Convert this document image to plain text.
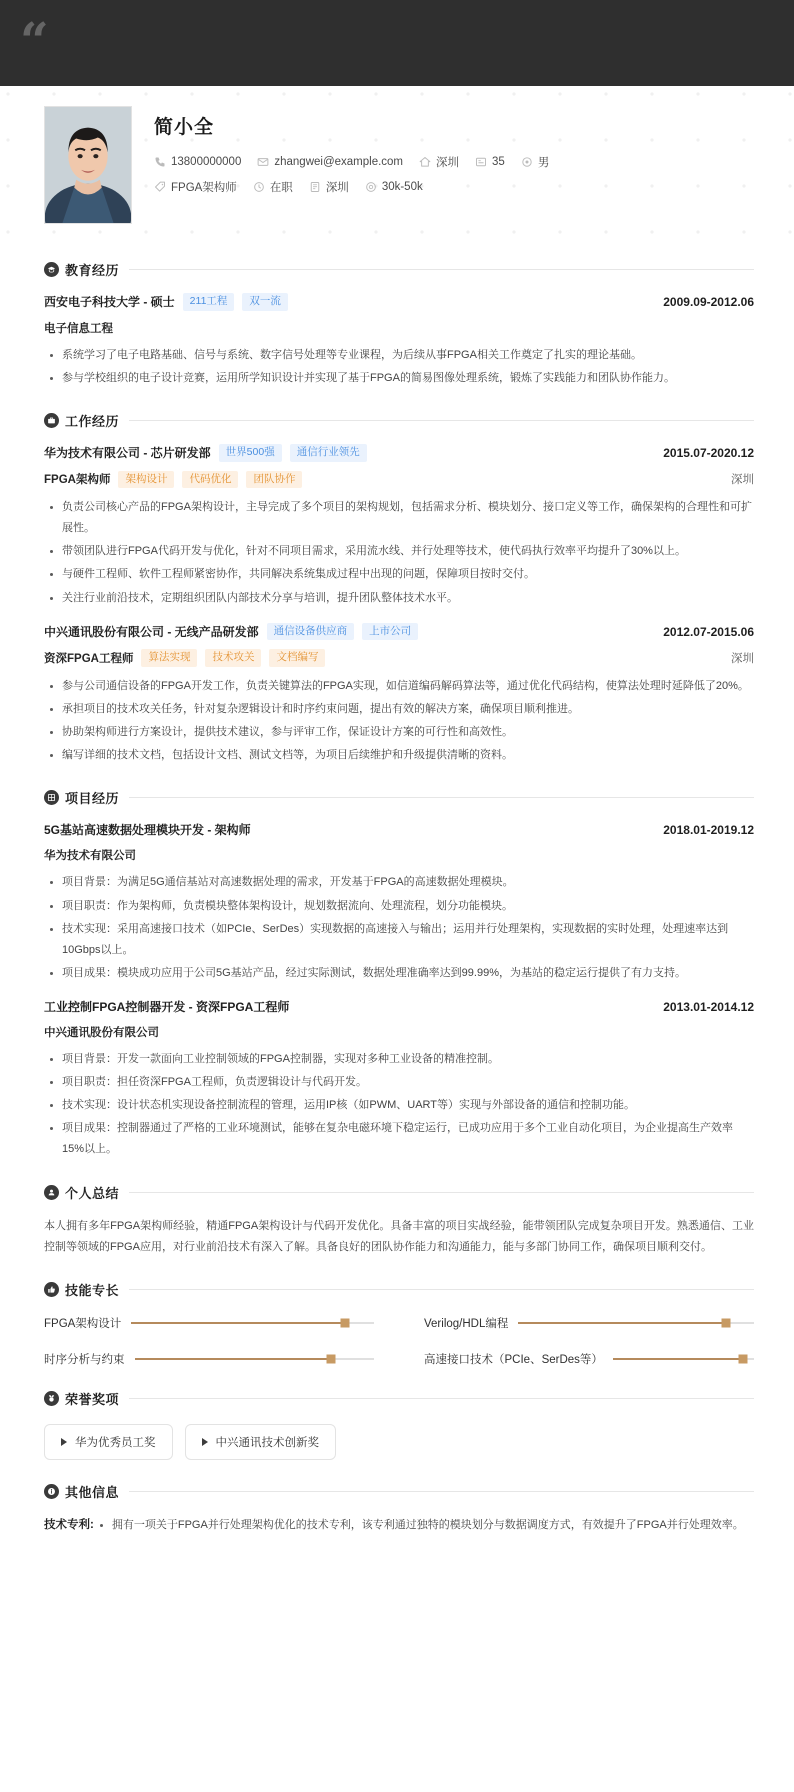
“
简小全
13800000000	zhangwei@example.com	深圳	35	男
FPGA架构师	在职	深圳	30k-50k
教育经历
西安电子科技大学 - 硕士	211工程	双一流	2009.09-2012.06
电子信息工程
系统学习了电子电路基础、信号与系统、数字信号处理等专业课程，为后续从事FPGA相关工作奠定了扎实的理论基础。
参与学校组织的电子设计竞赛，运用所学知识设计并实现了基于FPGA的简易图像处理系统，锻炼了实践能力和团队协作能力。
工作经历
华为技术有限公司 - 芯片研发部	世界500强	通信行业领先	2015.07-2020.12
FPGA架构师	架构设计	代码优化	团队协作	深圳
负责公司核心产品的FPGA架构设计，主导完成了多个项目的架构规划，包括需求分析、模块划分、接口定义等工作，确保架构的合理性和可扩展性。
带领团队进行FPGA代码开发与优化，针对不同项目需求，采用流水线、并行处理等技术，使代码执行效率平均提升了30%以上。
与硬件工程师、软件工程师紧密协作，共同解决系统集成过程中出现的问题，保障项目按时交付。
关注行业前沿技术，定期组织团队内部技术分享与培训，提升团队整体技术水平。
中兴通讯股份有限公司 - 无线产品研发部	通信设备供应商	上市公司	2012.07-2015.06
资深FPGA工程师	算法实现	技术攻关	文档编写	深圳
参与公司通信设备的FPGA开发工作，负责关键算法的FPGA实现，如信道编码解码算法等，通过优化代码结构，使算法处理时延降低了20%。
承担项目的技术攻关任务，针对复杂逻辑设计和时序约束问题，提出有效的解决方案，确保项目顺利推进。
协助架构师进行方案设计，提供技术建议，参与评审工作，保证设计方案的可行性和高效性。
编写详细的技术文档，包括设计文档、测试文档等，为项目后续维护和升级提供清晰的资料。
项目经历
5G基站高速数据处理模块开发 - 架构师	2018.01-2019.12
华为技术有限公司
项目背景：为满足5G通信基站对高速数据处理的需求，开发基于FPGA的高速数据处理模块。
项目职责：作为架构师，负责模块整体架构设计，规划数据流向、处理流程，划分功能模块。
技术实现：采用高速接口技术（如PCIe、SerDes）实现数据的高速接入与输出；运用并行处理架构，实现数据的实时处理，处理速率达到10Gbps以上。
项目成果：模块成功应用于公司5G基站产品，经过实际测试，数据处理准确率达到99.99%，为基站的稳定运行提供了有力支持。
工业控制FPGA控制器开发 - 资深FPGA工程师	2013.01-2014.12
中兴通讯股份有限公司
项目背景：开发一款面向工业控制领域的FPGA控制器，实现对多种工业设备的精准控制。
项目职责：担任资深FPGA工程师，负责逻辑设计与代码开发。
技术实现：设计状态机实现设备控制流程的管理，运用IP核（如PWM、UART等）实现与外部设备的通信和控制功能。
项目成果：控制器通过了严格的工业环境测试，能够在复杂电磁环境下稳定运行，已成功应用于多个工业自动化项目，为企业提高生产效率15%以上。
个人总结
本人拥有多年FPGA架构师经验，精通FPGA架构设计与代码开发优化。具备丰富的项目实战经验，能带领团队完成复杂项目开发。熟悉通信、工业控制等领域的FPGA应用，对行业前沿技术有深入了解。具备良好的团队协作能力和沟通能力，能与多部门协同工作，确保项目顺利交付。
技能专长
FPGA架构设计	Verilog/HDL编程
时序分析与约束	高速接口技术（PCIe、SerDes等）
荣誉奖项
华为优秀员工奖	中兴通讯技术创新奖
其他信息
技术专利:	拥有一项关于FPGA并行处理架构优化的技术专利，该专利通过独特的模块划分与数据调度方式，有效提升了FPGA并行处理效率。
